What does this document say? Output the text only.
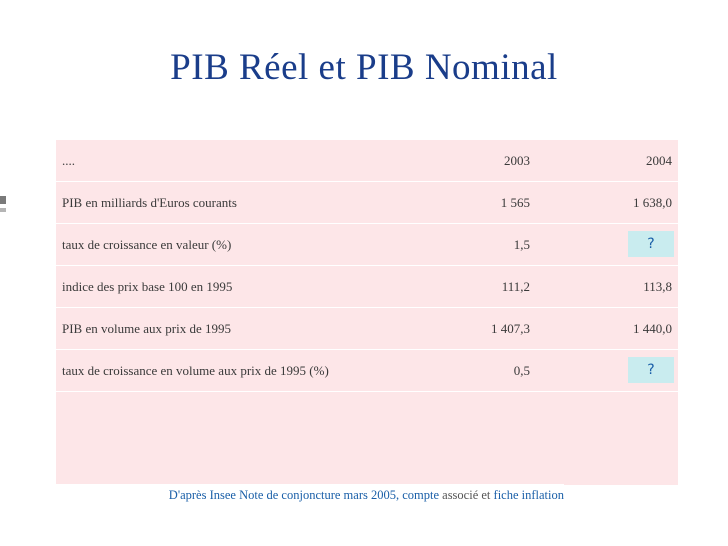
PIB Réel et PIB Nominal
....	2003	2004
PIB en milliards d'Euros courants	1 565	1 638,0
taux de croissance en valeur (%)	1,5	?
indice des prix base 100 en 1995	111,2	113,8
PIB en volume aux prix de 1995	1 407,3	1 440,0
taux de croissance en volume aux prix de 1995 (%)	0,5	?
D'après Insee Note de conjoncture mars 2005, compte associé et fiche inflation
